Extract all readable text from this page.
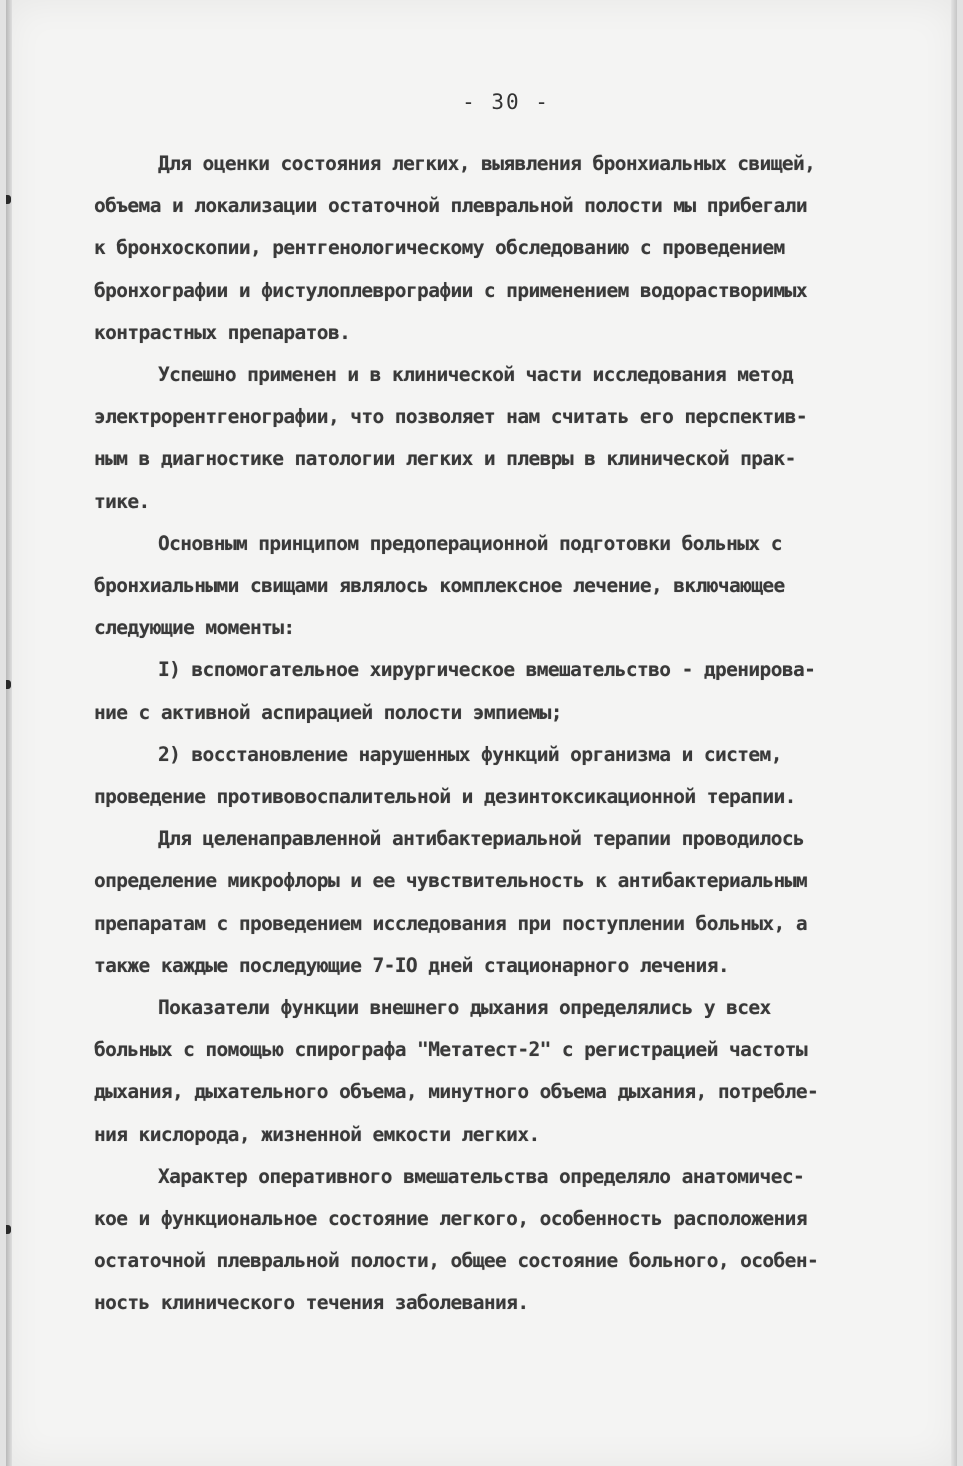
- 30 -
Для оценки состояния легких, выявления бронхиальных свищей,
объема и локализации остаточной плевральной полости мы прибегали
к бронхоскопии, рентгенологическому обследованию с проведением
бронхографии и фистулоплеврографии с применением водорастворимых
контрастных препаратов.
Успешно применен и в клинической части исследования метод
электрорентгенографии, что позволяет нам считать его перспектив-
ным в диагностике патологии легких и плевры в клинической прак-
тике.
Основным принципом предоперационной подготовки больных с
бронхиальными свищами являлось комплексное лечение, включающее
следующие моменты:
I) вспомогательное хирургическое вмешательство - дренирова-
ние с активной аспирацией полости эмпиемы;
2) восстановление нарушенных функций организма и систем,
проведение противовоспалительной и дезинтоксикационной терапии.
Для целенаправленной антибактериальной терапии проводилось
определение микрофлоры и ее чувствительность к антибактериальным
препаратам с проведением исследования при поступлении больных, а
также каждые последующие 7-IO дней стационарного лечения.
Показатели функции внешнего дыхания определялись у всех
больных с помощью спирографа "Метатест-2" с регистрацией частоты
дыхания, дыхательного объема, минутного объема дыхания, потребле-
ния кислорода, жизненной емкости легких.
Характер оперативного вмешательства определяло анатомичес-
кое и функциональное состояние легкого, особенность расположения
остаточной плевральной полости, общее состояние больного, особен-
ность клинического течения заболевания.
